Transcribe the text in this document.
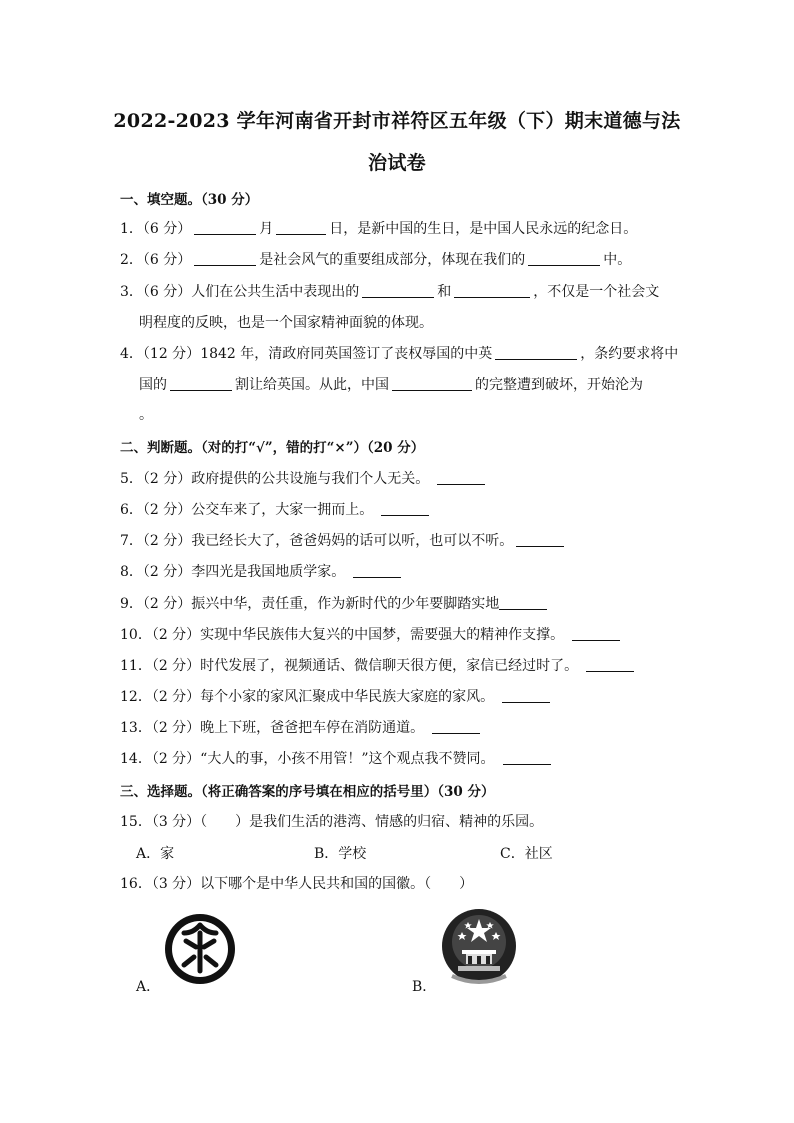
2022-2023 学年河南省开封市祥符区五年级（下）期末道德与法
治试卷
一、填空题。（30 分）
1．（6 分）	月	日，是新中国的生日，是中国人民永远的纪念日。
2．（6 分）	是社会风气的重要组成部分，体现在我们的	中。
3．（6 分）人们在公共生活中表现出的	和	，不仅是一个社会文
明程度的反映，也是一个国家精神面貌的体现。
4．（12 分）1842 年，清政府同英国签订了丧权辱国的中英	，条约要求将中
国的	割让给英国。从此，中国	的完整遭到破坏，开始沦为
。
二、判断题。（对的打“√”，错的打“×”）（20 分）
5．（2 分）政府提供的公共设施与我们个人无关。
6．（2 分）公交车来了，大家一拥而上。
7．（2 分）我已经长大了，爸爸妈妈的话可以听，也可以不听。
8．（2 分）李四光是我国地质学家。
9．（2 分）振兴中华，责任重，作为新时代的少年要脚踏实地
10．（2 分）实现中华民族伟大复兴的中国梦，需要强大的精神作支撑。
11．（2 分）时代发展了，视频通话、微信聊天很方便，家信已经过时了。
12．（2 分）每个小家的家风汇聚成中华民族大家庭的家风。
13．（2 分）晚上下班，爸爸把车停在消防通道。
14．（2 分）“大人的事，小孩不用管！”这个观点我不赞同。
三、选择题。（将正确答案的序号填在相应的括号里）（30 分）
15．（3 分）（　　）是我们生活的港湾、情感的归宿、精神的乐园。
A．家	B．学校	C．社区
16．（3 分）以下哪个是中华人民共和国的国徽。（　　）
A．	B．
